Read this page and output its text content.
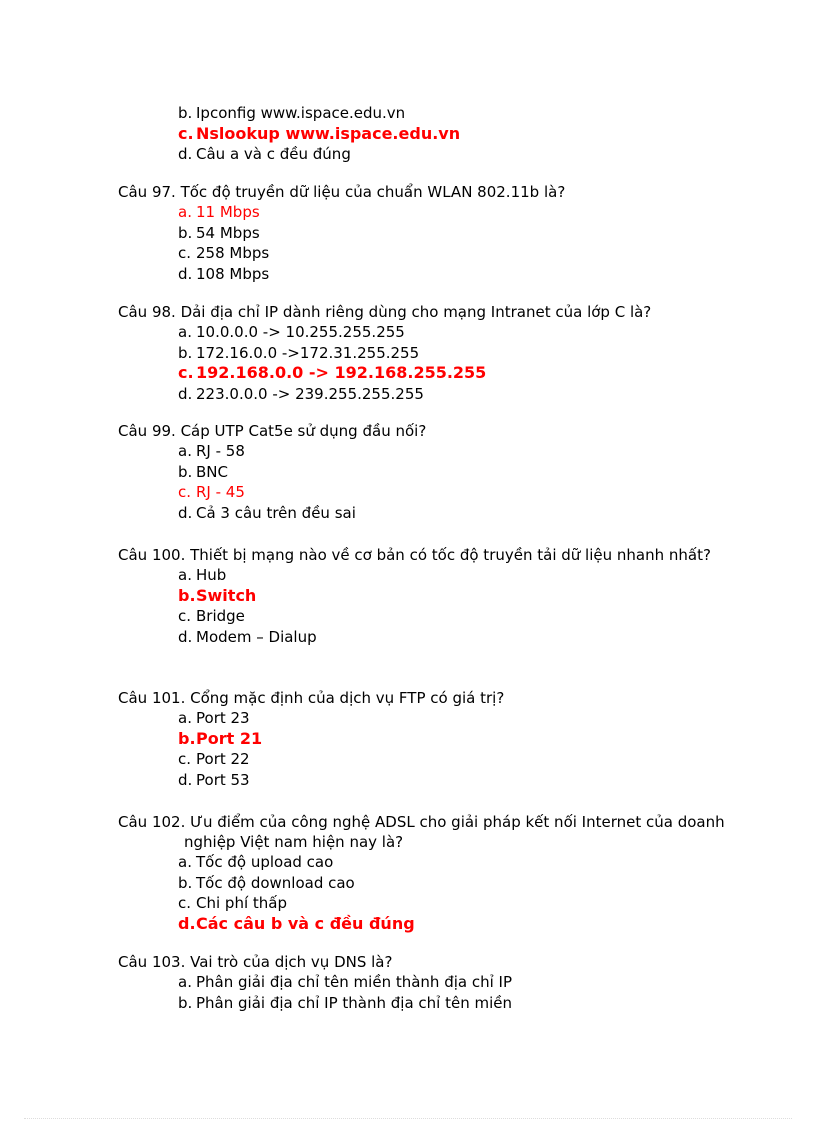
b. Ipconfig www.ispace.edu.vn
c. Nslookup www.ispace.edu.vn
d. Câu a và c đều đúng
Câu 97. Tốc độ truyền dữ liệu của chuẩn WLAN 802.11b là?
a. 11 Mbps
b. 54 Mbps
c. 258 Mbps
d. 108 Mbps
Câu 98. Dải địa chỉ IP dành riêng dùng cho mạng Intranet của lớp C là?
a. 10.0.0.0 -> 10.255.255.255
b. 172.16.0.0 ->172.31.255.255
c. 192.168.0.0 -> 192.168.255.255
d. 223.0.0.0 -> 239.255.255.255
Câu 99. Cáp UTP Cat5e sử dụng đầu nối?
a. RJ - 58
b. BNC
c. RJ - 45
d. Cả 3 câu trên đều sai
Câu 100. Thiết bị mạng nào về cơ bản có tốc độ truyền tải dữ liệu nhanh nhất?
a. Hub
b.Switch
c. Bridge
d. Modem – Dialup
Câu 101. Cổng mặc định của dịch vụ FTP có giá trị?
a. Port 23
b.Port 21
c. Port 22
d. Port 53
Câu 102. Ưu điểm của công nghệ ADSL cho giải pháp kết nối Internet của doanh
nghiệp Việt nam hiện nay là?
a. Tốc độ upload cao
b. Tốc độ download cao
c. Chi phí thấp
d.Các câu b và c đều đúng
Câu 103. Vai trò của dịch vụ DNS là?
a. Phân giải địa chỉ tên miền thành địa chỉ IP
b. Phân giải địa chỉ IP thành địa chỉ tên miền
